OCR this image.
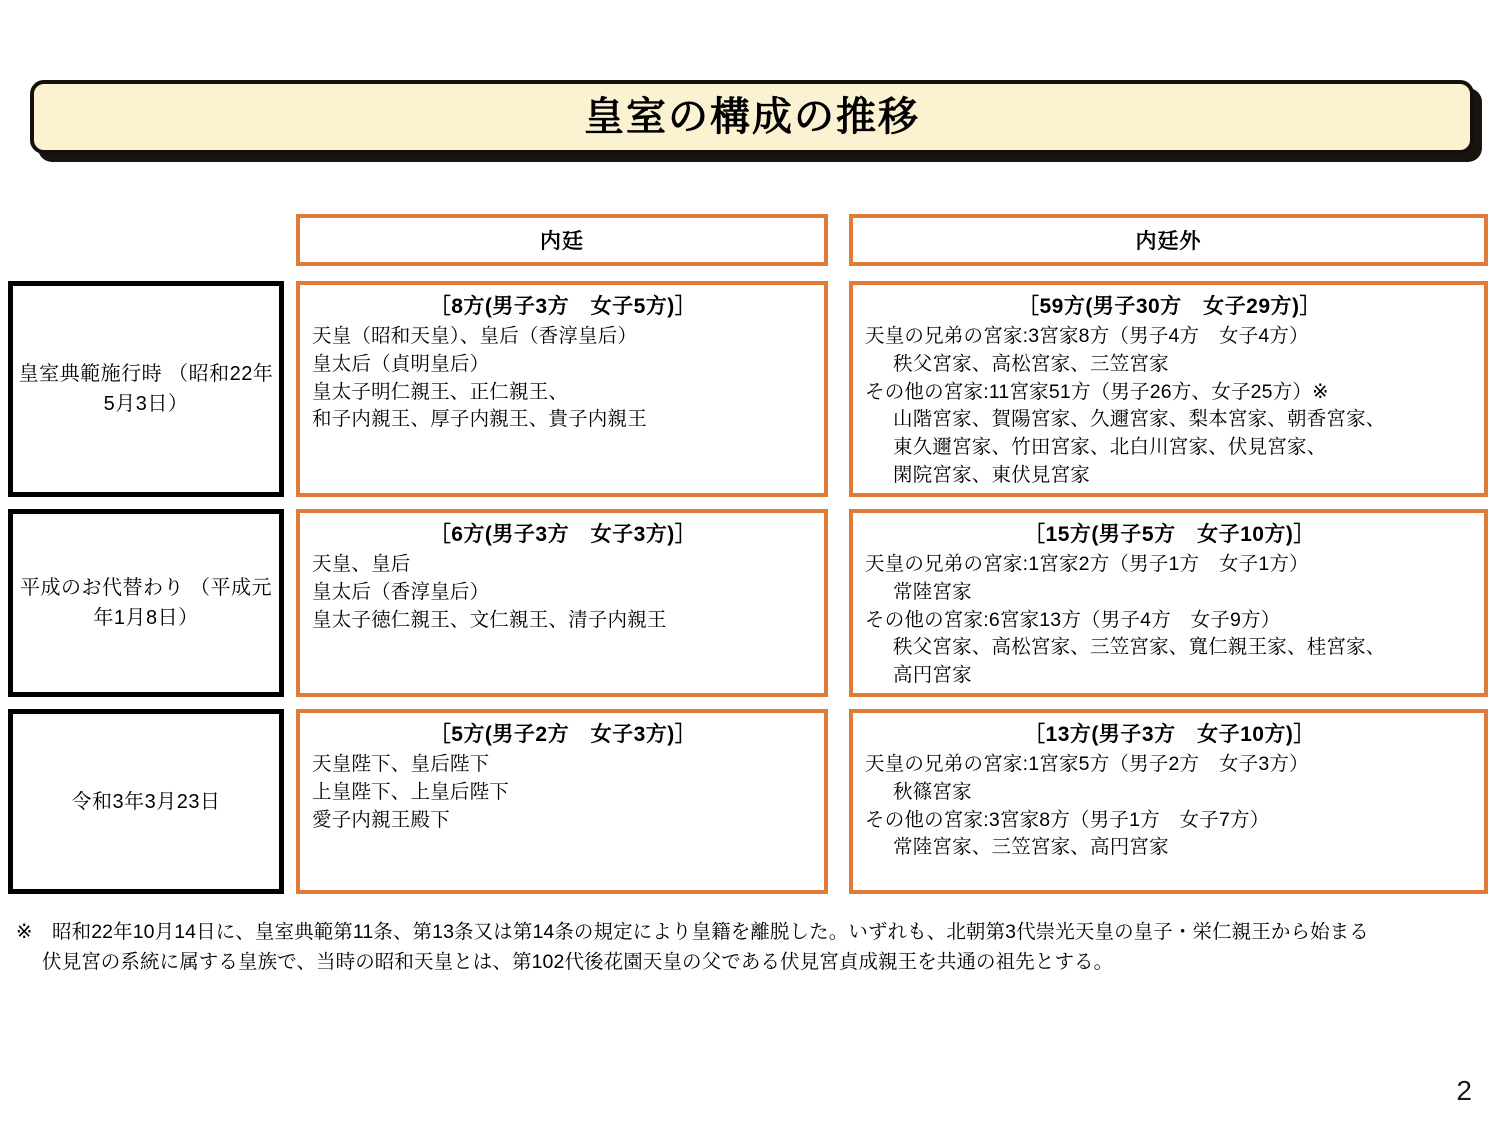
皇室の構成の推移
内廷	内廷外
皇室典範施行時 （昭和22年5月3日）
［8方(男子3方　女子5方)］
天皇（昭和天皇）、皇后（香淳皇后）
皇太后（貞明皇后）
皇太子明仁親王、正仁親王、
和子内親王、厚子内親王、貴子内親王
［59方(男子30方　女子29方)］
天皇の兄弟の宮家:3宮家8方（男子4方　女子4方）
秩父宮家、高松宮家、三笠宮家
その他の宮家:11宮家51方（男子26方、女子25方）※
山階宮家、賀陽宮家、久邇宮家、梨本宮家、朝香宮家、
東久邇宮家、竹田宮家、北白川宮家、伏見宮家、
閑院宮家、東伏見宮家
平成のお代替わり （平成元年1月8日）
［6方(男子3方　女子3方)］
天皇、皇后
皇太后（香淳皇后）
皇太子徳仁親王、文仁親王、清子内親王
［15方(男子5方　女子10方)］
天皇の兄弟の宮家:1宮家2方（男子1方　女子1方）
常陸宮家
その他の宮家:6宮家13方（男子4方　女子9方）
秩父宮家、高松宮家、三笠宮家、寬仁親王家、桂宮家、
高円宮家
令和3年3月23日
［5方(男子2方　女子3方)］
天皇陛下、皇后陛下
上皇陛下、上皇后陛下
愛子内親王殿下
［13方(男子3方　女子10方)］
天皇の兄弟の宮家:1宮家5方（男子2方　女子3方）
秋篠宮家
その他の宮家:3宮家8方（男子1方　女子7方）
常陸宮家、三笠宮家、高円宮家
※　昭和22年10月14日に、皇室典範第11条、第13条又は第14条の規定により皇籍を離脱した。いずれも、北朝第3代崇光天皇の皇子・栄仁親王から始まる
伏見宮の系統に属する皇族で、当時の昭和天皇とは、第102代後花園天皇の父である伏見宮貞成親王を共通の祖先とする。
2
